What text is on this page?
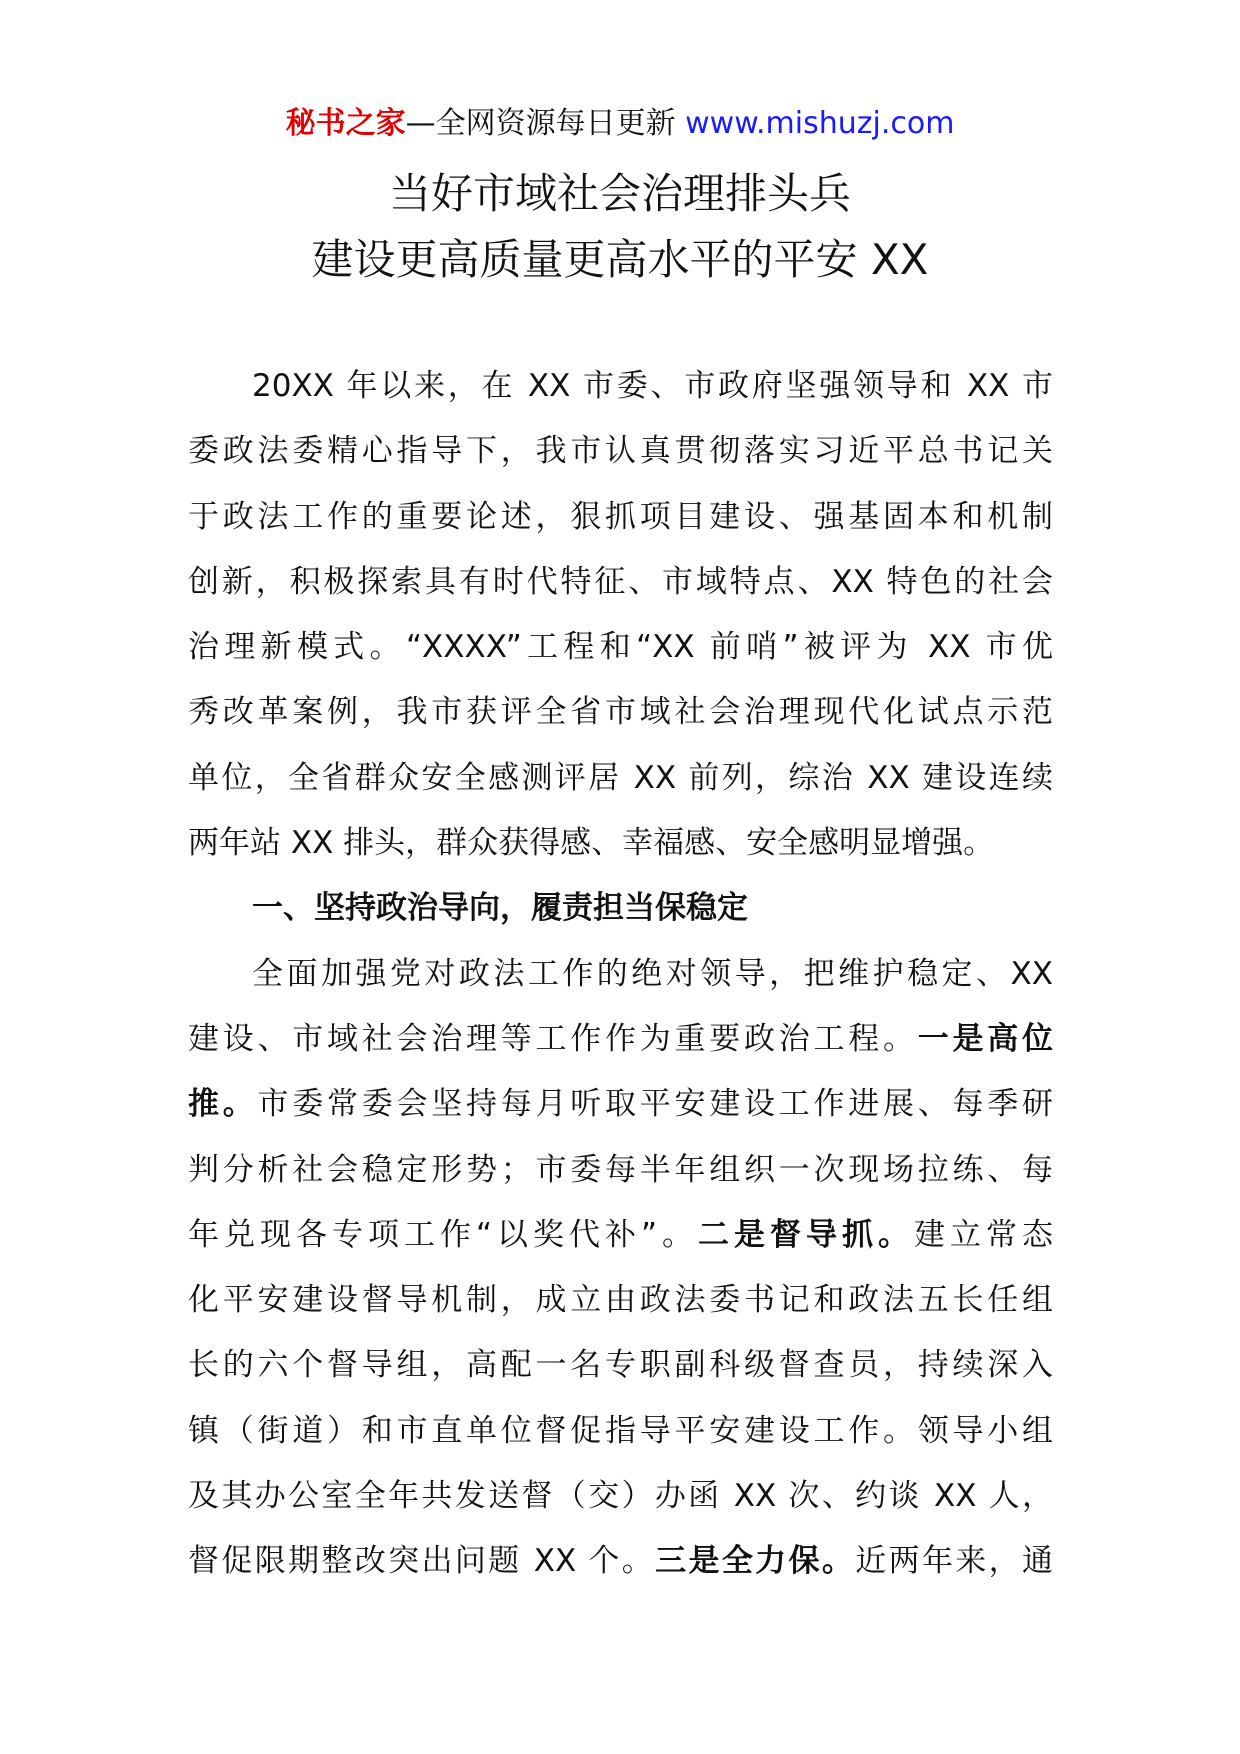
秘书之家—全网资源每日更新 www.mishuzj.com
当好市域社会治理排头兵
建设更高质量更高水平的平安 XX
20XX 年以来，在 XX 市委、市政府坚强领导和 XX 市
委政法委精心指导下，我市认真贯彻落实习近平总书记关
于政法工作的重要论述，狠抓项目建设、强基固本和机制
创新，积极探索具有时代特征、市域特点、XX 特色的社会
治理新模式。“XXXX”工程和“XX 前哨”被评为 XX 市优
秀改革案例，我市获评全省市域社会治理现代化试点示范
单位，全省群众安全感测评居 XX 前列，综治 XX 建设连续
两年站 XX 排头，群众获得感、幸福感、安全感明显增强。
一、坚持政治导向，履责担当保稳定
全面加强党对政法工作的绝对领导，把维护稳定、XX
建设、市域社会治理等工作作为重要政治工程。一是高位
推。市委常委会坚持每月听取平安建设工作进展、每季研
判分析社会稳定形势；市委每半年组织一次现场拉练、每
年兑现各专项工作“以奖代补”。二是督导抓。建立常态
化平安建设督导机制，成立由政法委书记和政法五长任组
长的六个督导组，高配一名专职副科级督查员，持续深入
镇（街道）和市直单位督促指导平安建设工作。领导小组
及其办公室全年共发送督（交）办函 XX 次、约谈 XX 人，
督促限期整改突出问题 XX 个。三是全力保。近两年来，通
